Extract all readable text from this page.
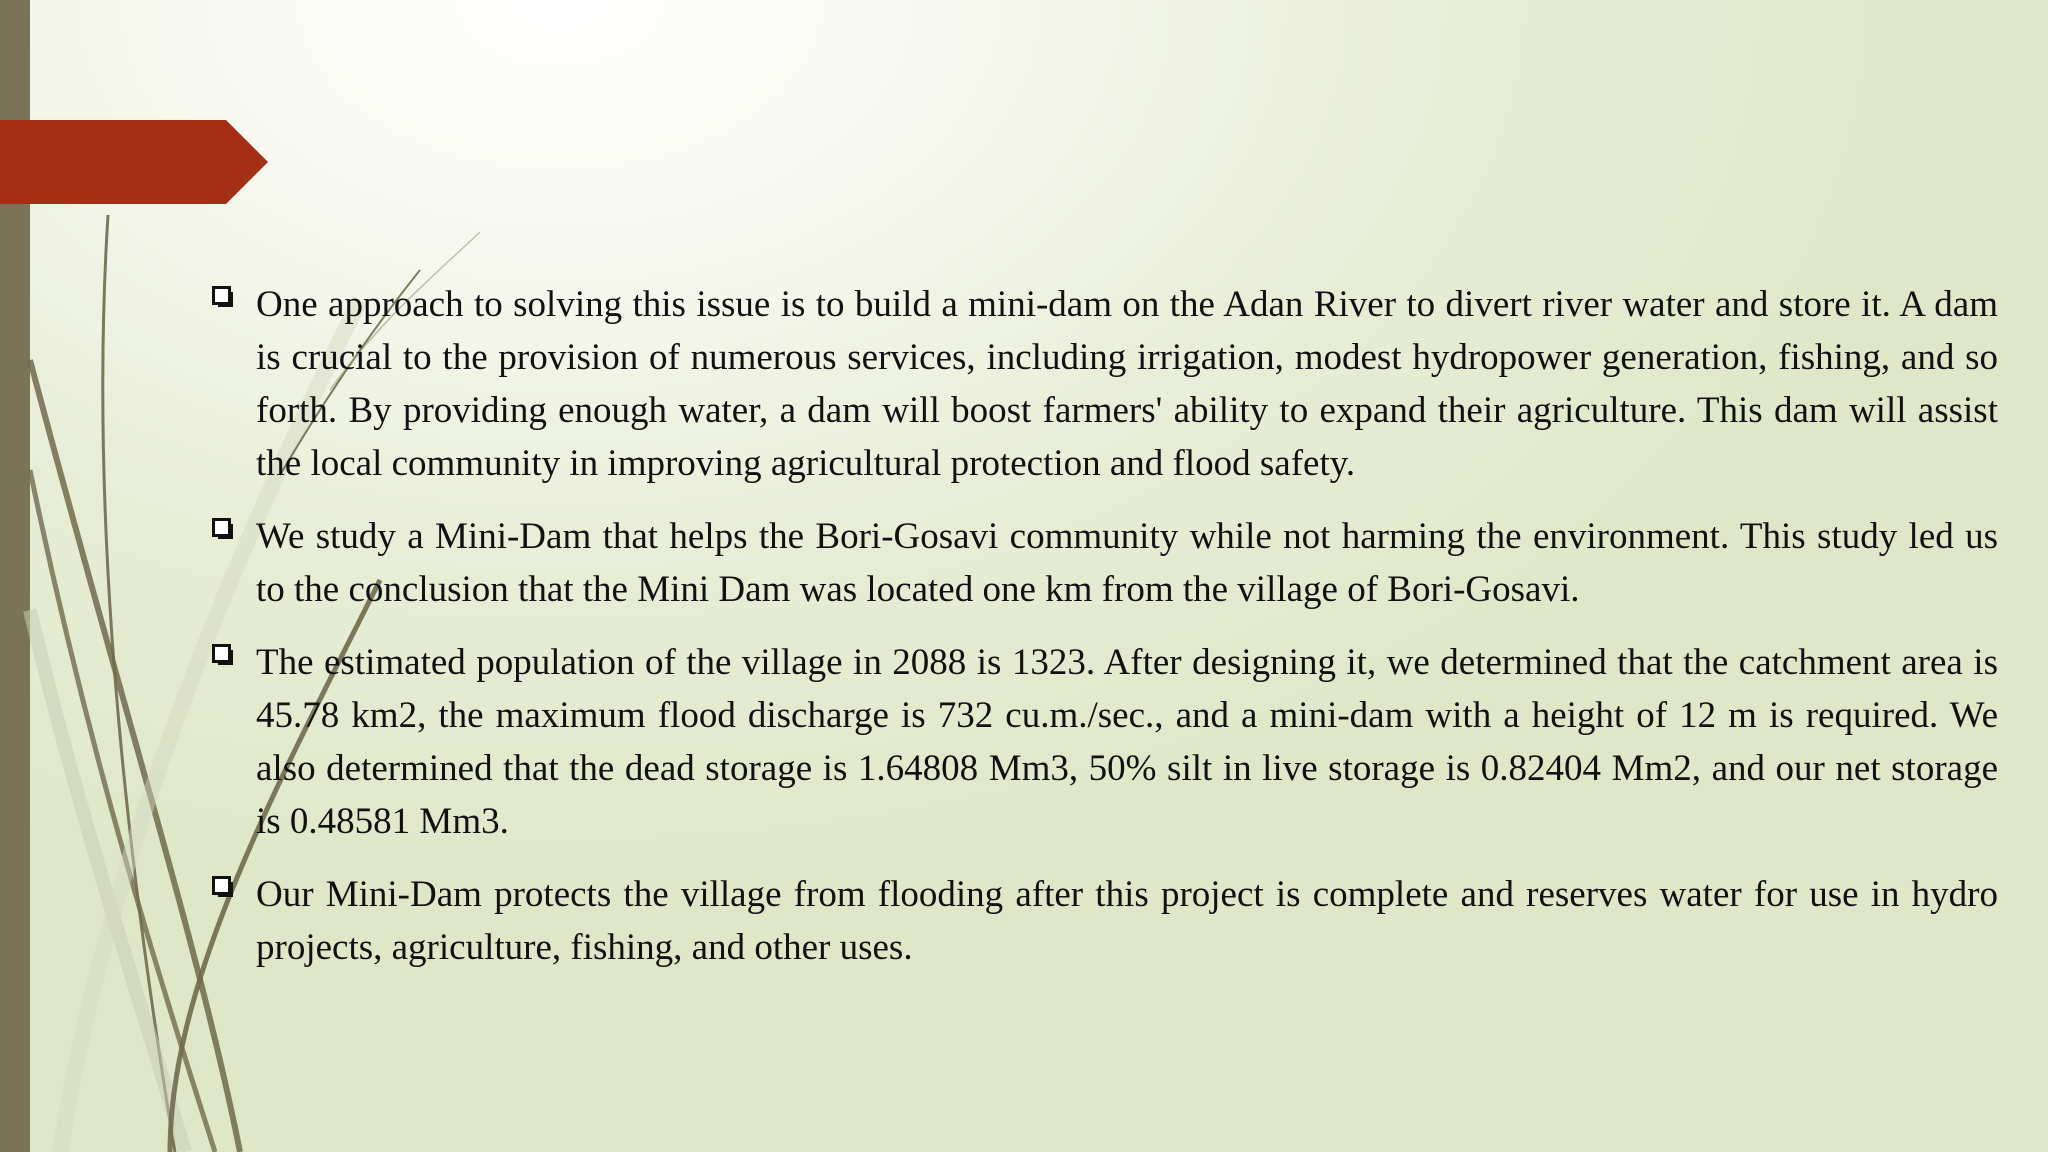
One approach to solving this issue is to build a mini-dam on the Adan River to divert river water and store it. A dam is crucial to the provision of numerous services, including irrigation, modest hydropower generation, fishing, and so forth. By providing enough water, a dam will boost farmers' ability to expand their agriculture. This dam will assist the local community in improving agricultural protection and flood safety.

We study a Mini-Dam that helps the Bori-Gosavi community while not harming the environment. This study led us to the conclusion that the Mini Dam was located one km from the village of Bori-Gosavi.

The estimated population of the village in 2088 is 1323. After designing it, we determined that the catchment area is 45.78 km2, the maximum flood discharge is 732 cu.m./sec., and a mini-dam with a height of 12 m is required. We also determined that the dead storage is 1.64808 Mm3, 50% silt in live storage is 0.82404 Mm2, and our net storage is 0.48581 Mm3.

Our Mini-Dam protects the village from flooding after this project is complete and reserves water for use in hydro projects, agriculture, fishing, and other uses.
